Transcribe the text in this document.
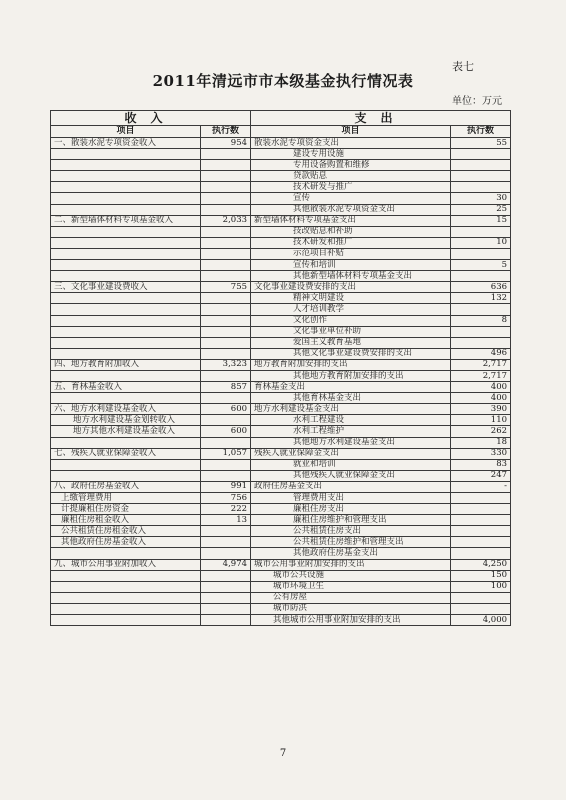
表七
2011年清远市市本级基金执行情况表
单位：万元
收入		支出	
项目	执行数	项目	执行数
一、散装水泥专项资金收入	954	散装水泥专项资金支出	55
		建设专用设施	
		专用设备购置和维修	
		贷款贴息	
		技术研发与推广	
		宣传	30
		其他散装水泥专项资金支出	25
二、新型墙体材料专项基金收入	2,033	新型墙体材料专项基金支出	15
		技改贴息和补助	
		技术研发和推广	10
		示范项目补贴	
		宣传和培训	5
		其他新型墙体材料专项基金支出	
三、文化事业建设费收入	755	文化事业建设费安排的支出	636
		精神文明建设	132
		人才培训教学	
		文化创作	8
		文化事业单位补助	
		爱国主义教育基地	
		其他文化事业建设费安排的支出	496
四、地方教育附加收入	3,323	地方教育附加安排的支出	2,717
		其他地方教育附加安排的支出	2,717
五、育林基金收入	857	育林基金支出	400
		其他育林基金支出	400
六、地方水利建设基金收入	600	地方水利建设基金支出	390
地方水利建设基金划转收入		水利工程建设	110
地方其他水利建设基金收入	600	水利工程维护	262
		其他地方水利建设基金支出	18
七、残疾人就业保障金收入	1,057	残疾人就业保障金支出	330
		就业和培训	83
		其他残疾人就业保障金支出	247
八、政府住房基金收入	991	政府住房基金支出	-
上缴管理费用	756	管理费用支出	
计提廉租住房资金	222	廉租住房支出	
廉租住房租金收入	13	廉租住房维护和管理支出	
公共租赁住房租金收入		公共租赁住房支出	
其他政府住房基金收入		公共租赁住房维护和管理支出	
		其他政府住房基金支出	
九、城市公用事业附加收入	4,974	城市公用事业附加安排的支出	4,250
		城市公共设施	150
		城市环境卫生	100
		公有房屋	
		城市防洪	
		其他城市公用事业附加安排的支出	4,000
7
